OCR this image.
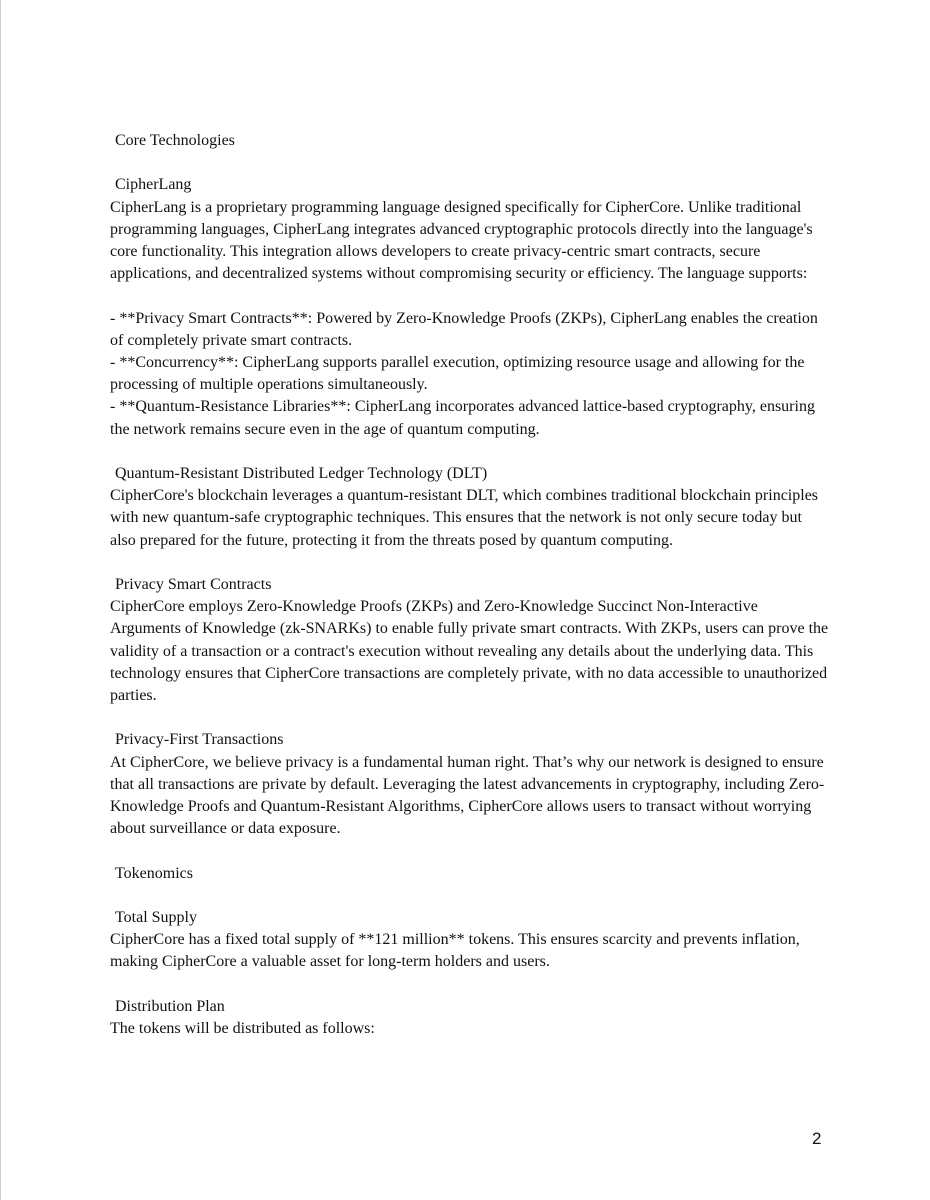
Core Technologies
CipherLang
CipherLang is a proprietary programming language designed specifically for CipherCore. Unlike traditional programming languages, CipherLang integrates advanced cryptographic protocols directly into the language's core functionality. This integration allows developers to create privacy-centric smart contracts, secure applications, and decentralized systems without compromising security or efficiency. The language supports:
- **Privacy Smart Contracts**: Powered by Zero-Knowledge Proofs (ZKPs), CipherLang enables the creation of completely private smart contracts.
- **Concurrency**: CipherLang supports parallel execution, optimizing resource usage and allowing for the processing of multiple operations simultaneously.
- **Quantum-Resistance Libraries**: CipherLang incorporates advanced lattice-based cryptography, ensuring the network remains secure even in the age of quantum computing.
Quantum-Resistant Distributed Ledger Technology (DLT)
CipherCore's blockchain leverages a quantum-resistant DLT, which combines traditional blockchain principles with new quantum-safe cryptographic techniques. This ensures that the network is not only secure today but also prepared for the future, protecting it from the threats posed by quantum computing.
Privacy Smart Contracts
CipherCore employs Zero-Knowledge Proofs (ZKPs) and Zero-Knowledge Succinct Non-Interactive Arguments of Knowledge (zk-SNARKs) to enable fully private smart contracts. With ZKPs, users can prove the validity of a transaction or a contract's execution without revealing any details about the underlying data. This technology ensures that CipherCore transactions are completely private, with no data accessible to unauthorized parties.
Privacy-First Transactions
At CipherCore, we believe privacy is a fundamental human right. That’s why our network is designed to ensure that all transactions are private by default. Leveraging the latest advancements in cryptography, including Zero-Knowledge Proofs and Quantum-Resistant Algorithms, CipherCore allows users to transact without worrying about surveillance or data exposure.
Tokenomics
Total Supply
CipherCore has a fixed total supply of **121 million** tokens. This ensures scarcity and prevents inflation, making CipherCore a valuable asset for long-term holders and users.
Distribution Plan
The tokens will be distributed as follows:
2
